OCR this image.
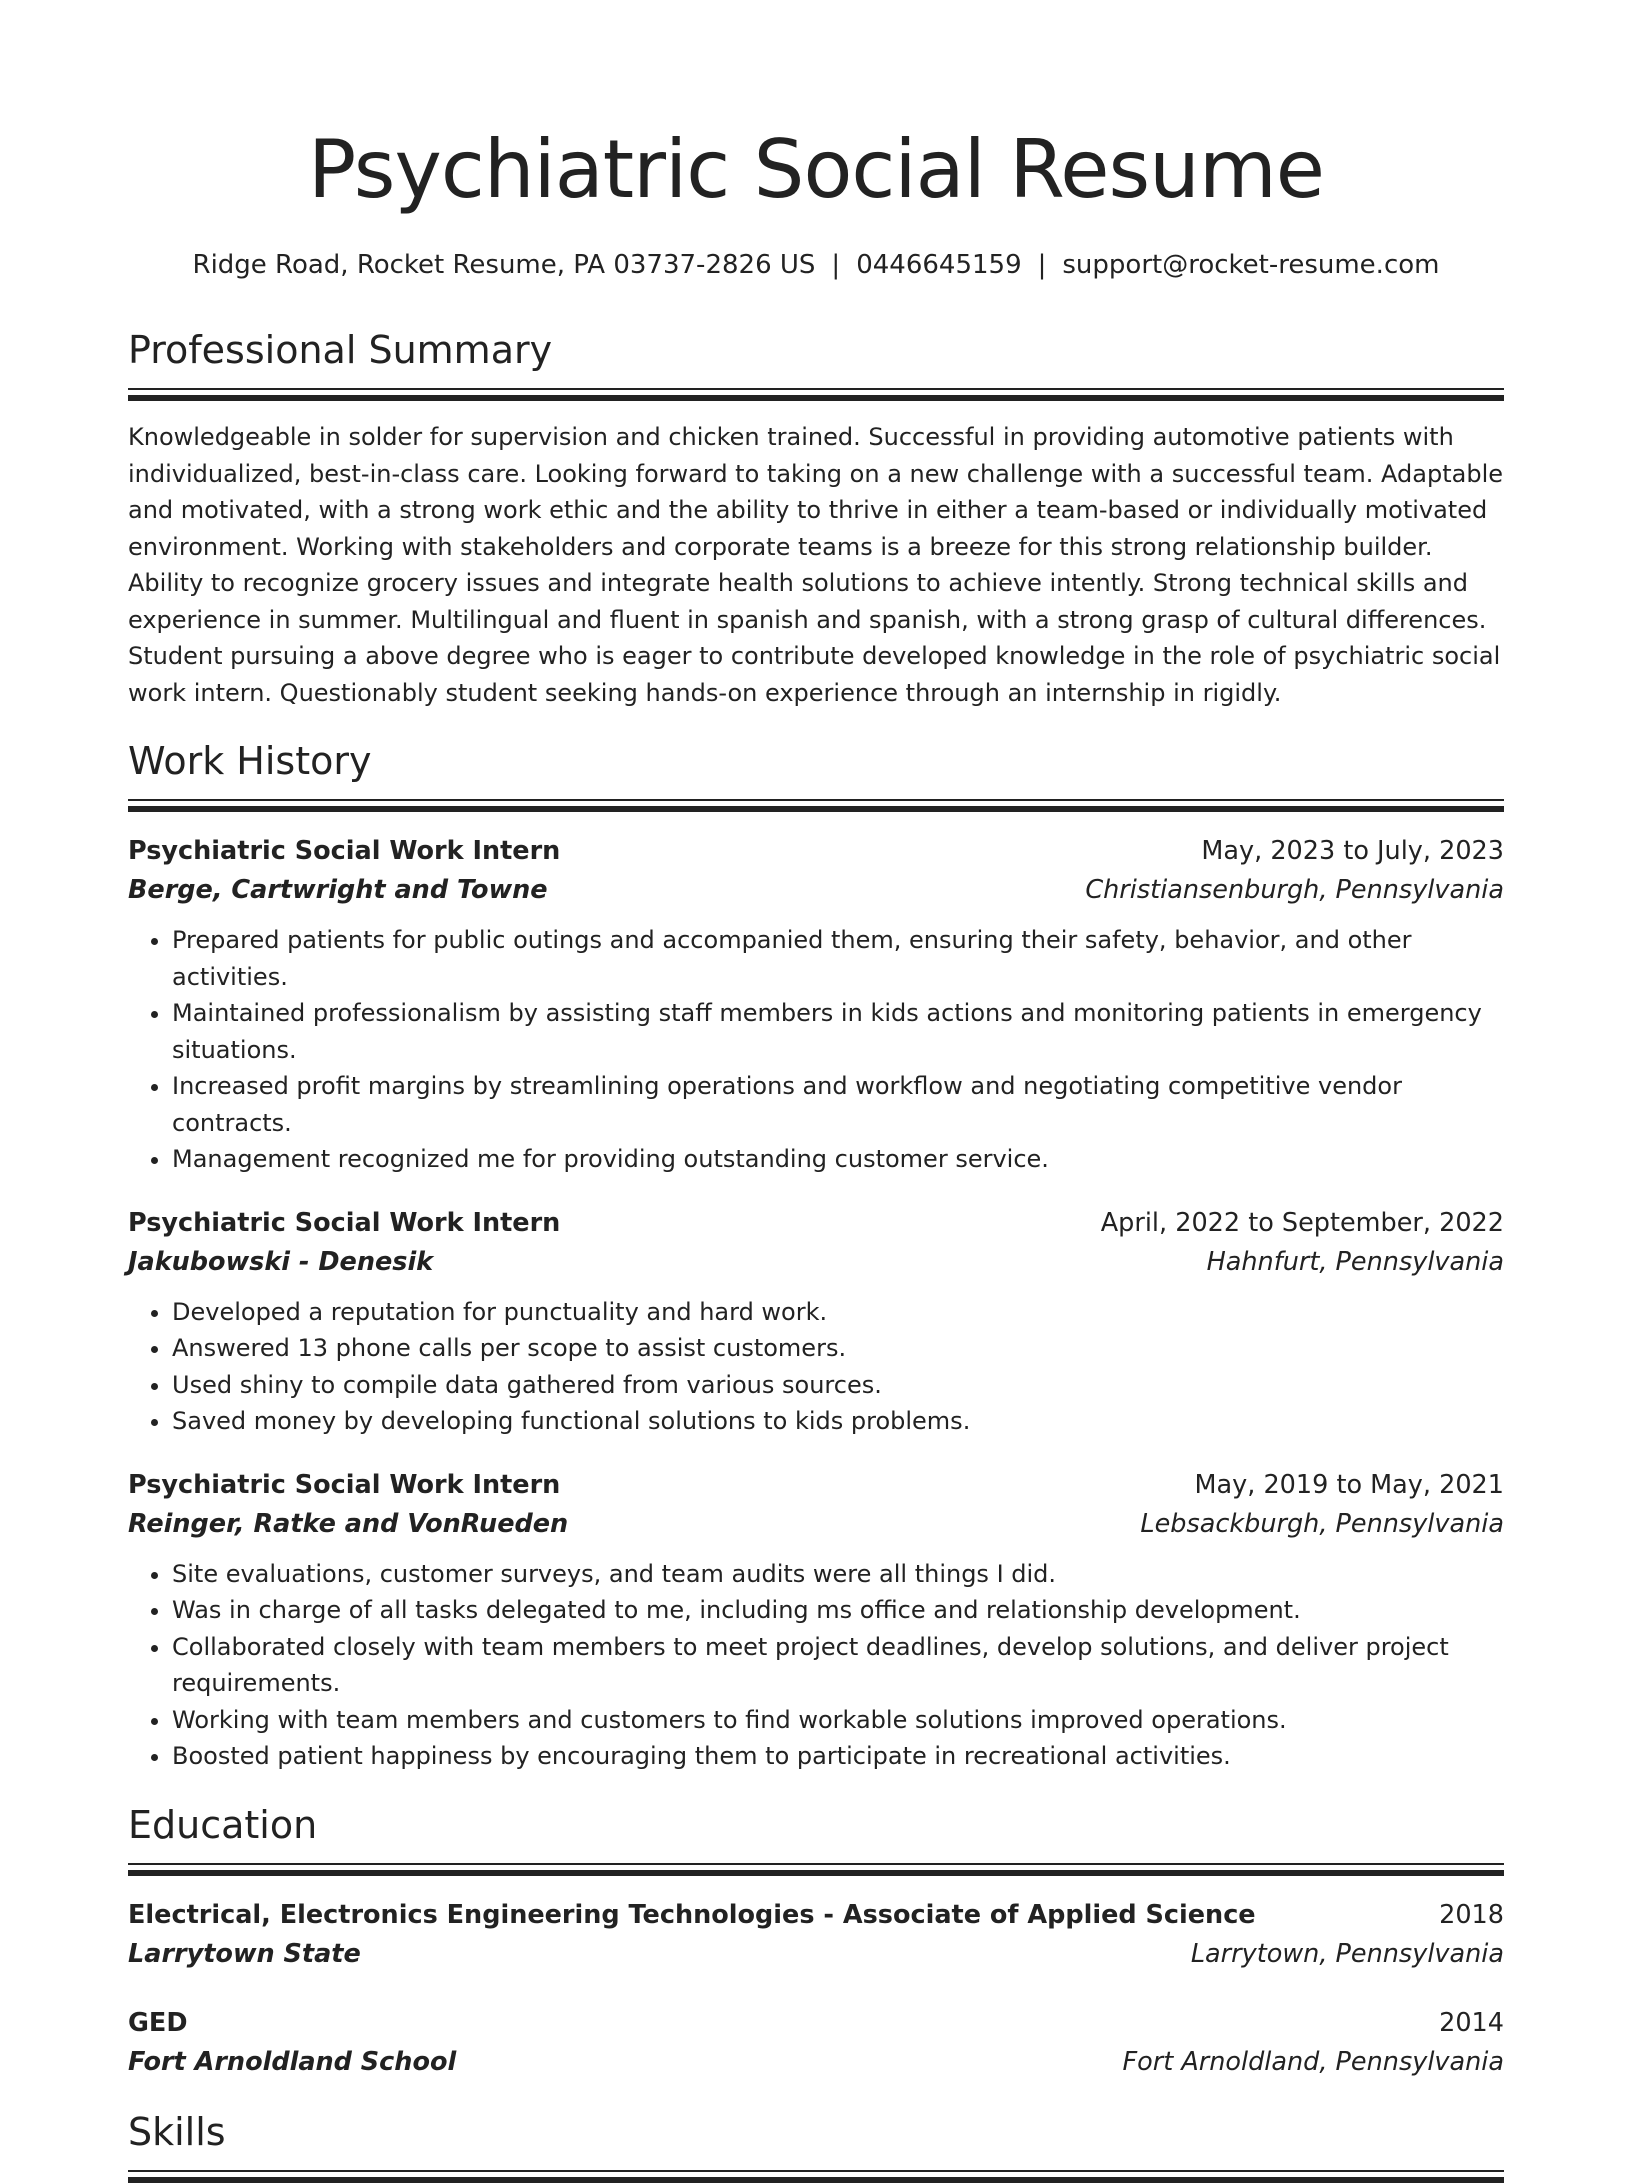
Psychiatric Social Resume
Ridge Road, Rocket Resume, PA 03737-2826 US | 0446645159 | support@rocket-resume.com
Professional Summary
Knowledgeable in solder for supervision and chicken trained. Successful in providing automotive patients with individualized, best-in-class care. Looking forward to taking on a new challenge with a successful team. Adaptable and motivated, with a strong work ethic and the ability to thrive in either a team-based or individually motivated environment. Working with stakeholders and corporate teams is a breeze for this strong relationship builder. Ability to recognize grocery issues and integrate health solutions to achieve intently. Strong technical skills and experience in summer. Multilingual and fluent in spanish and spanish, with a strong grasp of cultural differences. Student pursuing a above degree who is eager to contribute developed knowledge in the role of psychiatric social work intern. Questionably student seeking hands-on experience through an internship in rigidly.
Work History
Psychiatric Social Work Intern	May, 2023 to July, 2023
Berge, Cartwright and Towne	Christiansenburgh, Pennsylvania
• Prepared patients for public outings and accompanied them, ensuring their safety, behavior, and other activities.
• Maintained professionalism by assisting staff members in kids actions and monitoring patients in emergency situations.
• Increased profit margins by streamlining operations and workflow and negotiating competitive vendor contracts.
• Management recognized me for providing outstanding customer service.
Psychiatric Social Work Intern	April, 2022 to September, 2022
Jakubowski - Denesik	Hahnfurt, Pennsylvania
• Developed a reputation for punctuality and hard work.
• Answered 13 phone calls per scope to assist customers.
• Used shiny to compile data gathered from various sources.
• Saved money by developing functional solutions to kids problems.
Psychiatric Social Work Intern	May, 2019 to May, 2021
Reinger, Ratke and VonRueden	Lebsackburgh, Pennsylvania
• Site evaluations, customer surveys, and team audits were all things I did.
• Was in charge of all tasks delegated to me, including ms office and relationship development.
• Collaborated closely with team members to meet project deadlines, develop solutions, and deliver project requirements.
• Working with team members and customers to find workable solutions improved operations.
• Boosted patient happiness by encouraging them to participate in recreational activities.
Education
Electrical, Electronics Engineering Technologies - Associate of Applied Science	2018
Larrytown State	Larrytown, Pennsylvania
GED	2014
Fort Arnoldland School	Fort Arnoldland, Pennsylvania
Skills
